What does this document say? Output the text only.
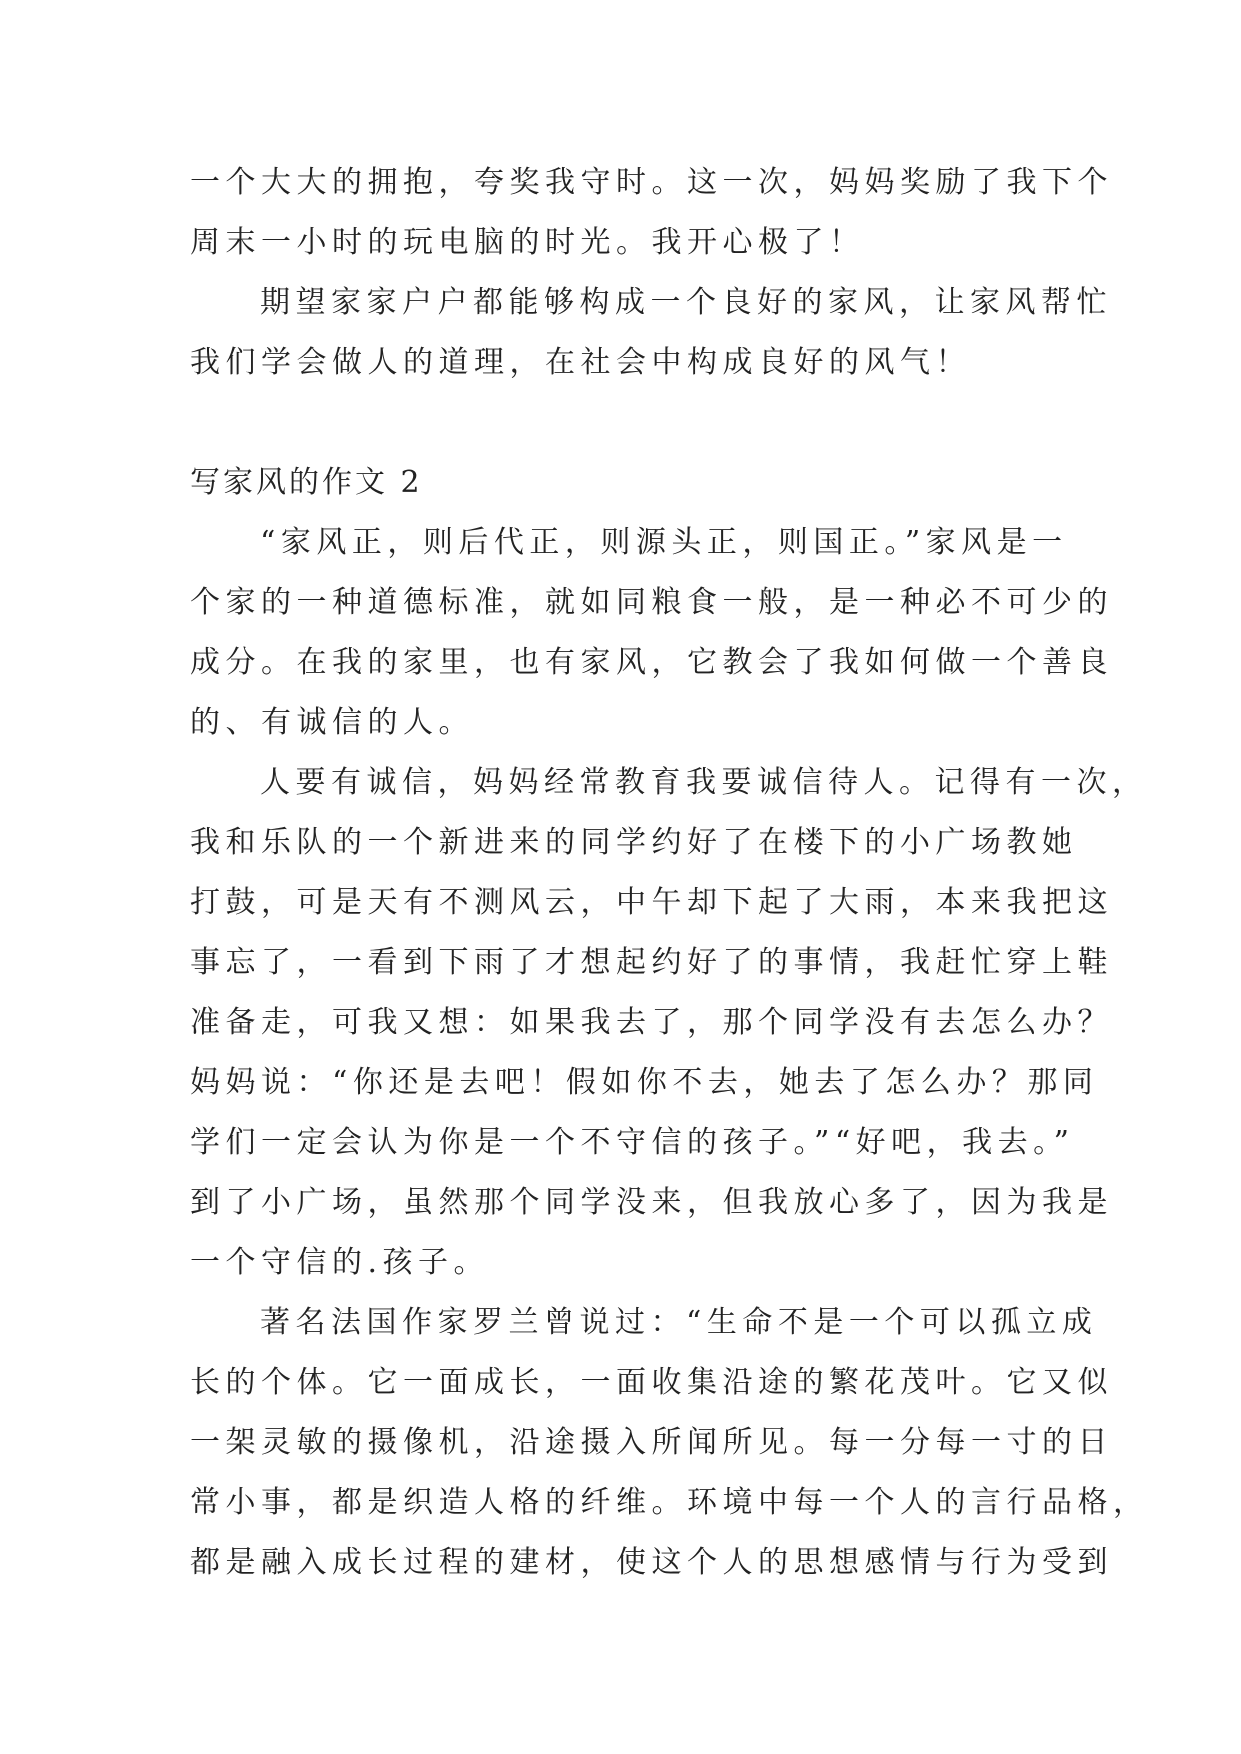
一个大大的拥抱，夸奖我守时。这一次，妈妈奖励了我下个
周末一小时的玩电脑的时光。我开心极了！
期望家家户户都能够构成一个良好的家风，让家风帮忙
我们学会做人的道理，在社会中构成良好的风气！
写家风的作文 2
“家风正，则后代正，则源头正，则国正。”家风是一
个家的一种道德标准，就如同粮食一般，是一种必不可少的
成分。在我的家里，也有家风，它教会了我如何做一个善良
的、有诚信的人。
人要有诚信，妈妈经常教育我要诚信待人。记得有一次，
我和乐队的一个新进来的同学约好了在楼下的小广场教她
打鼓，可是天有不测风云，中午却下起了大雨，本来我把这
事忘了，一看到下雨了才想起约好了的事情，我赶忙穿上鞋
准备走，可我又想：如果我去了，那个同学没有去怎么办？
妈妈说：“你还是去吧！假如你不去，她去了怎么办？那同
学们一定会认为你是一个不守信的孩子。”“好吧，我去。”
到了小广场，虽然那个同学没来，但我放心多了，因为我是
一个守信的.孩子。
著名法国作家罗兰曾说过：“生命不是一个可以孤立成
长的个体。它一面成长，一面收集沿途的繁花茂叶。它又似
一架灵敏的摄像机，沿途摄入所闻所见。每一分每一寸的日
常小事，都是织造人格的纤维。环境中每一个人的言行品格，
都是融入成长过程的建材，使这个人的思想感情与行为受到
